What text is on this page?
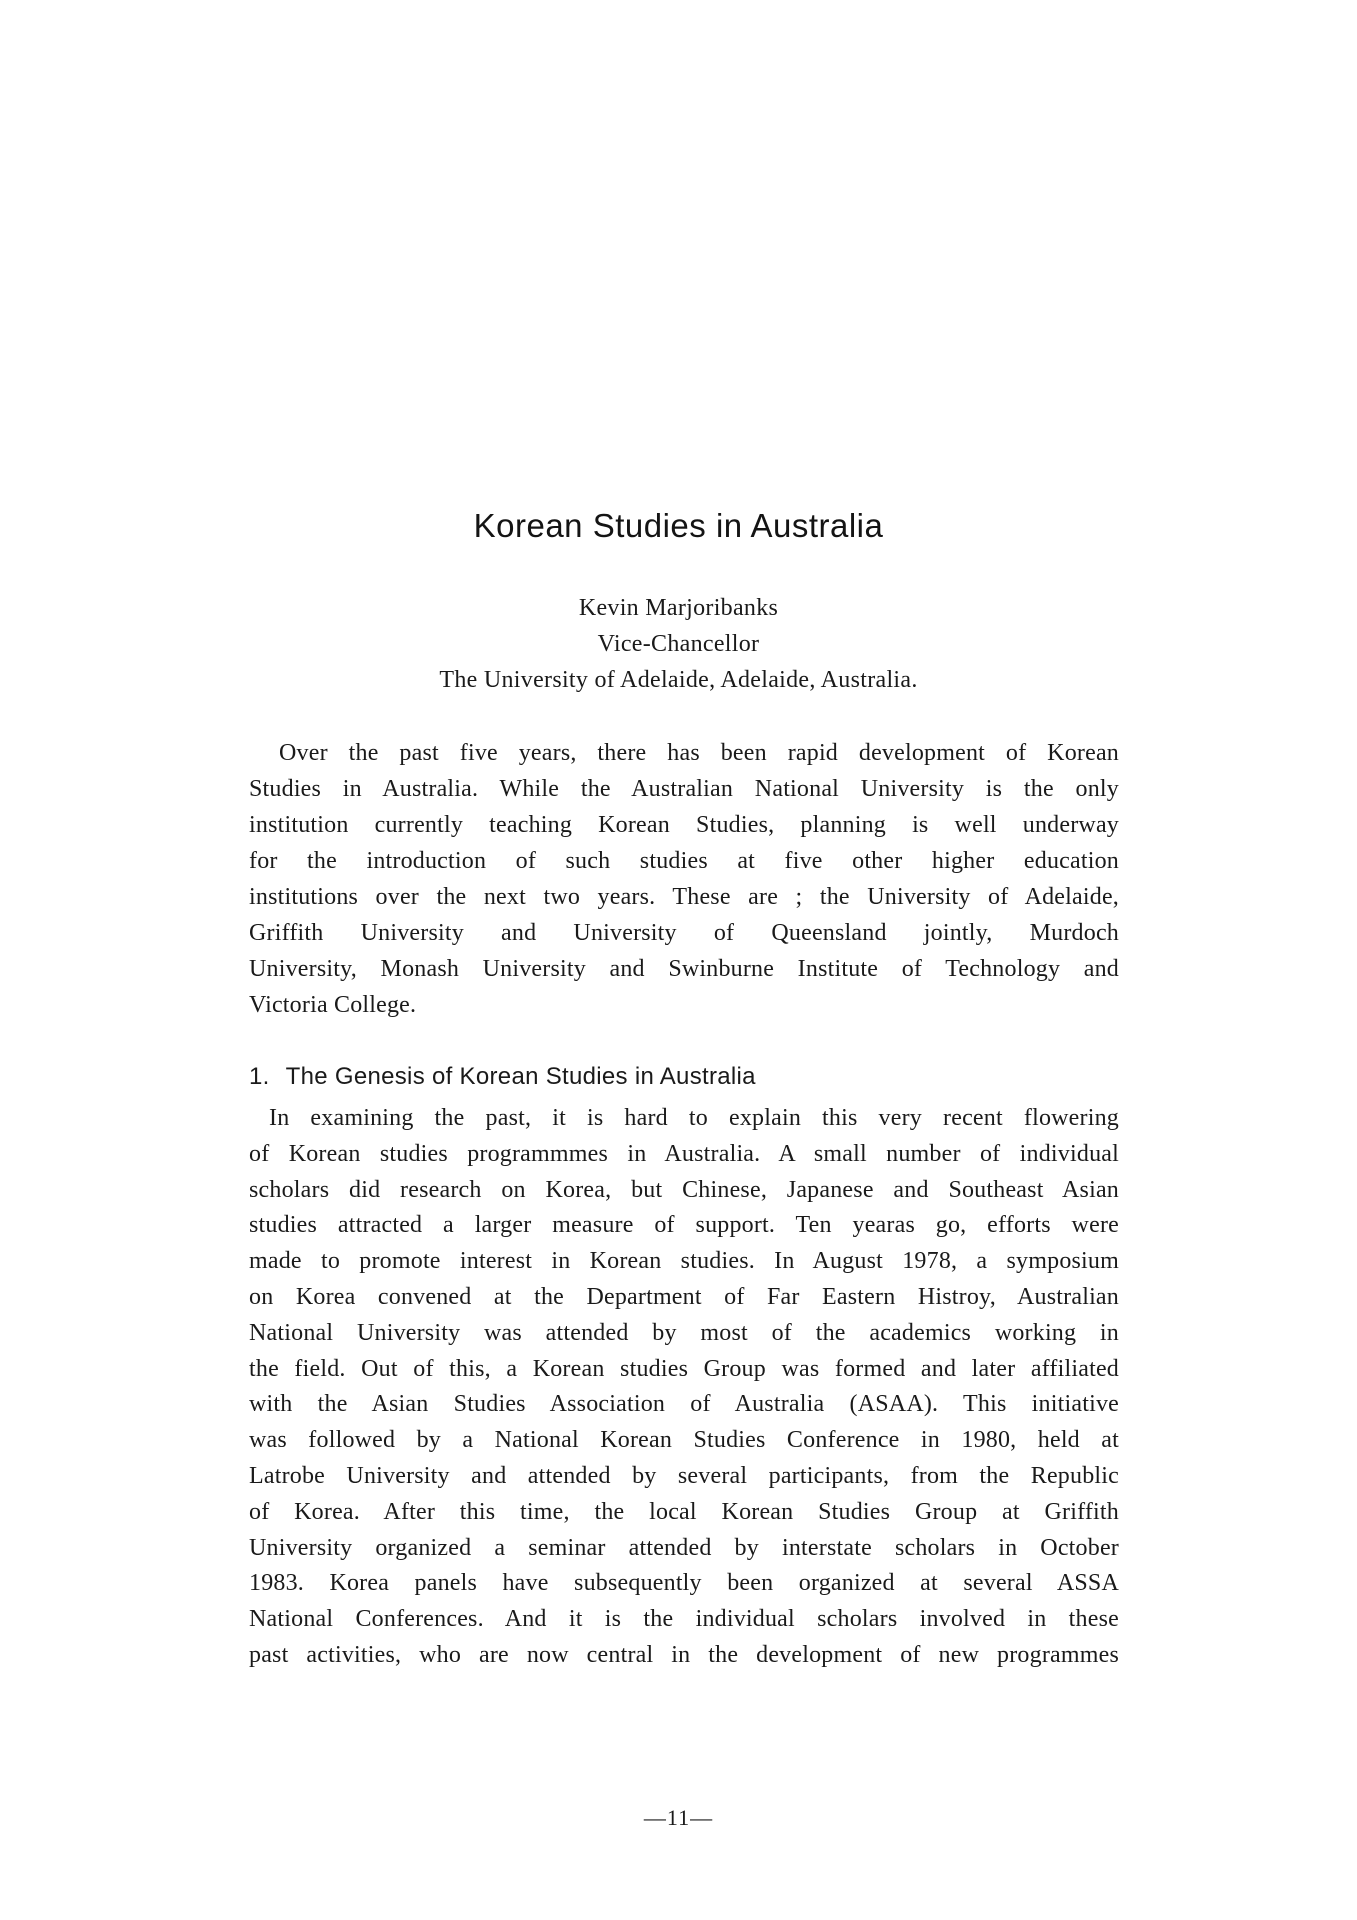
Korean Studies in Australia
Kevin Marjoribanks
Vice-Chancellor
The University of Adelaide, Adelaide, Australia.
Over the past five years, there has been rapid development of Korean
Studies in Australia. While the Australian National University is the only
institution currently teaching Korean Studies, planning is well underway
for the introduction of such studies at five other higher education
institutions over the next two years. These are ; the University of Adelaide,
Griffith University and University of Queensland jointly, Murdoch
University, Monash University and Swinburne Institute of Technology and
Victoria College.
1. The Genesis of Korean Studies in Australia
In examining the past, it is hard to explain this very recent flowering
of Korean studies programmmes in Australia. A small number of individual
scholars did research on Korea, but Chinese, Japanese and Southeast Asian
studies attracted a larger measure of support. Ten yearas go, efforts were
made to promote interest in Korean studies. In August 1978, a symposium
on Korea convened at the Department of Far Eastern Histroy, Australian
National University was attended by most of the academics working in
the field. Out of this, a Korean studies Group was formed and later affiliated
with the Asian Studies Association of Australia (ASAA). This initiative
was followed by a National Korean Studies Conference in 1980, held at
Latrobe University and attended by several participants, from the Republic
of Korea. After this time, the local Korean Studies Group at Griffith
University organized a seminar attended by interstate scholars in October
1983. Korea panels have subsequently been organized at several ASSA
National Conferences. And it is the individual scholars involved in these
past activities, who are now central in the development of new programmes
—11—
